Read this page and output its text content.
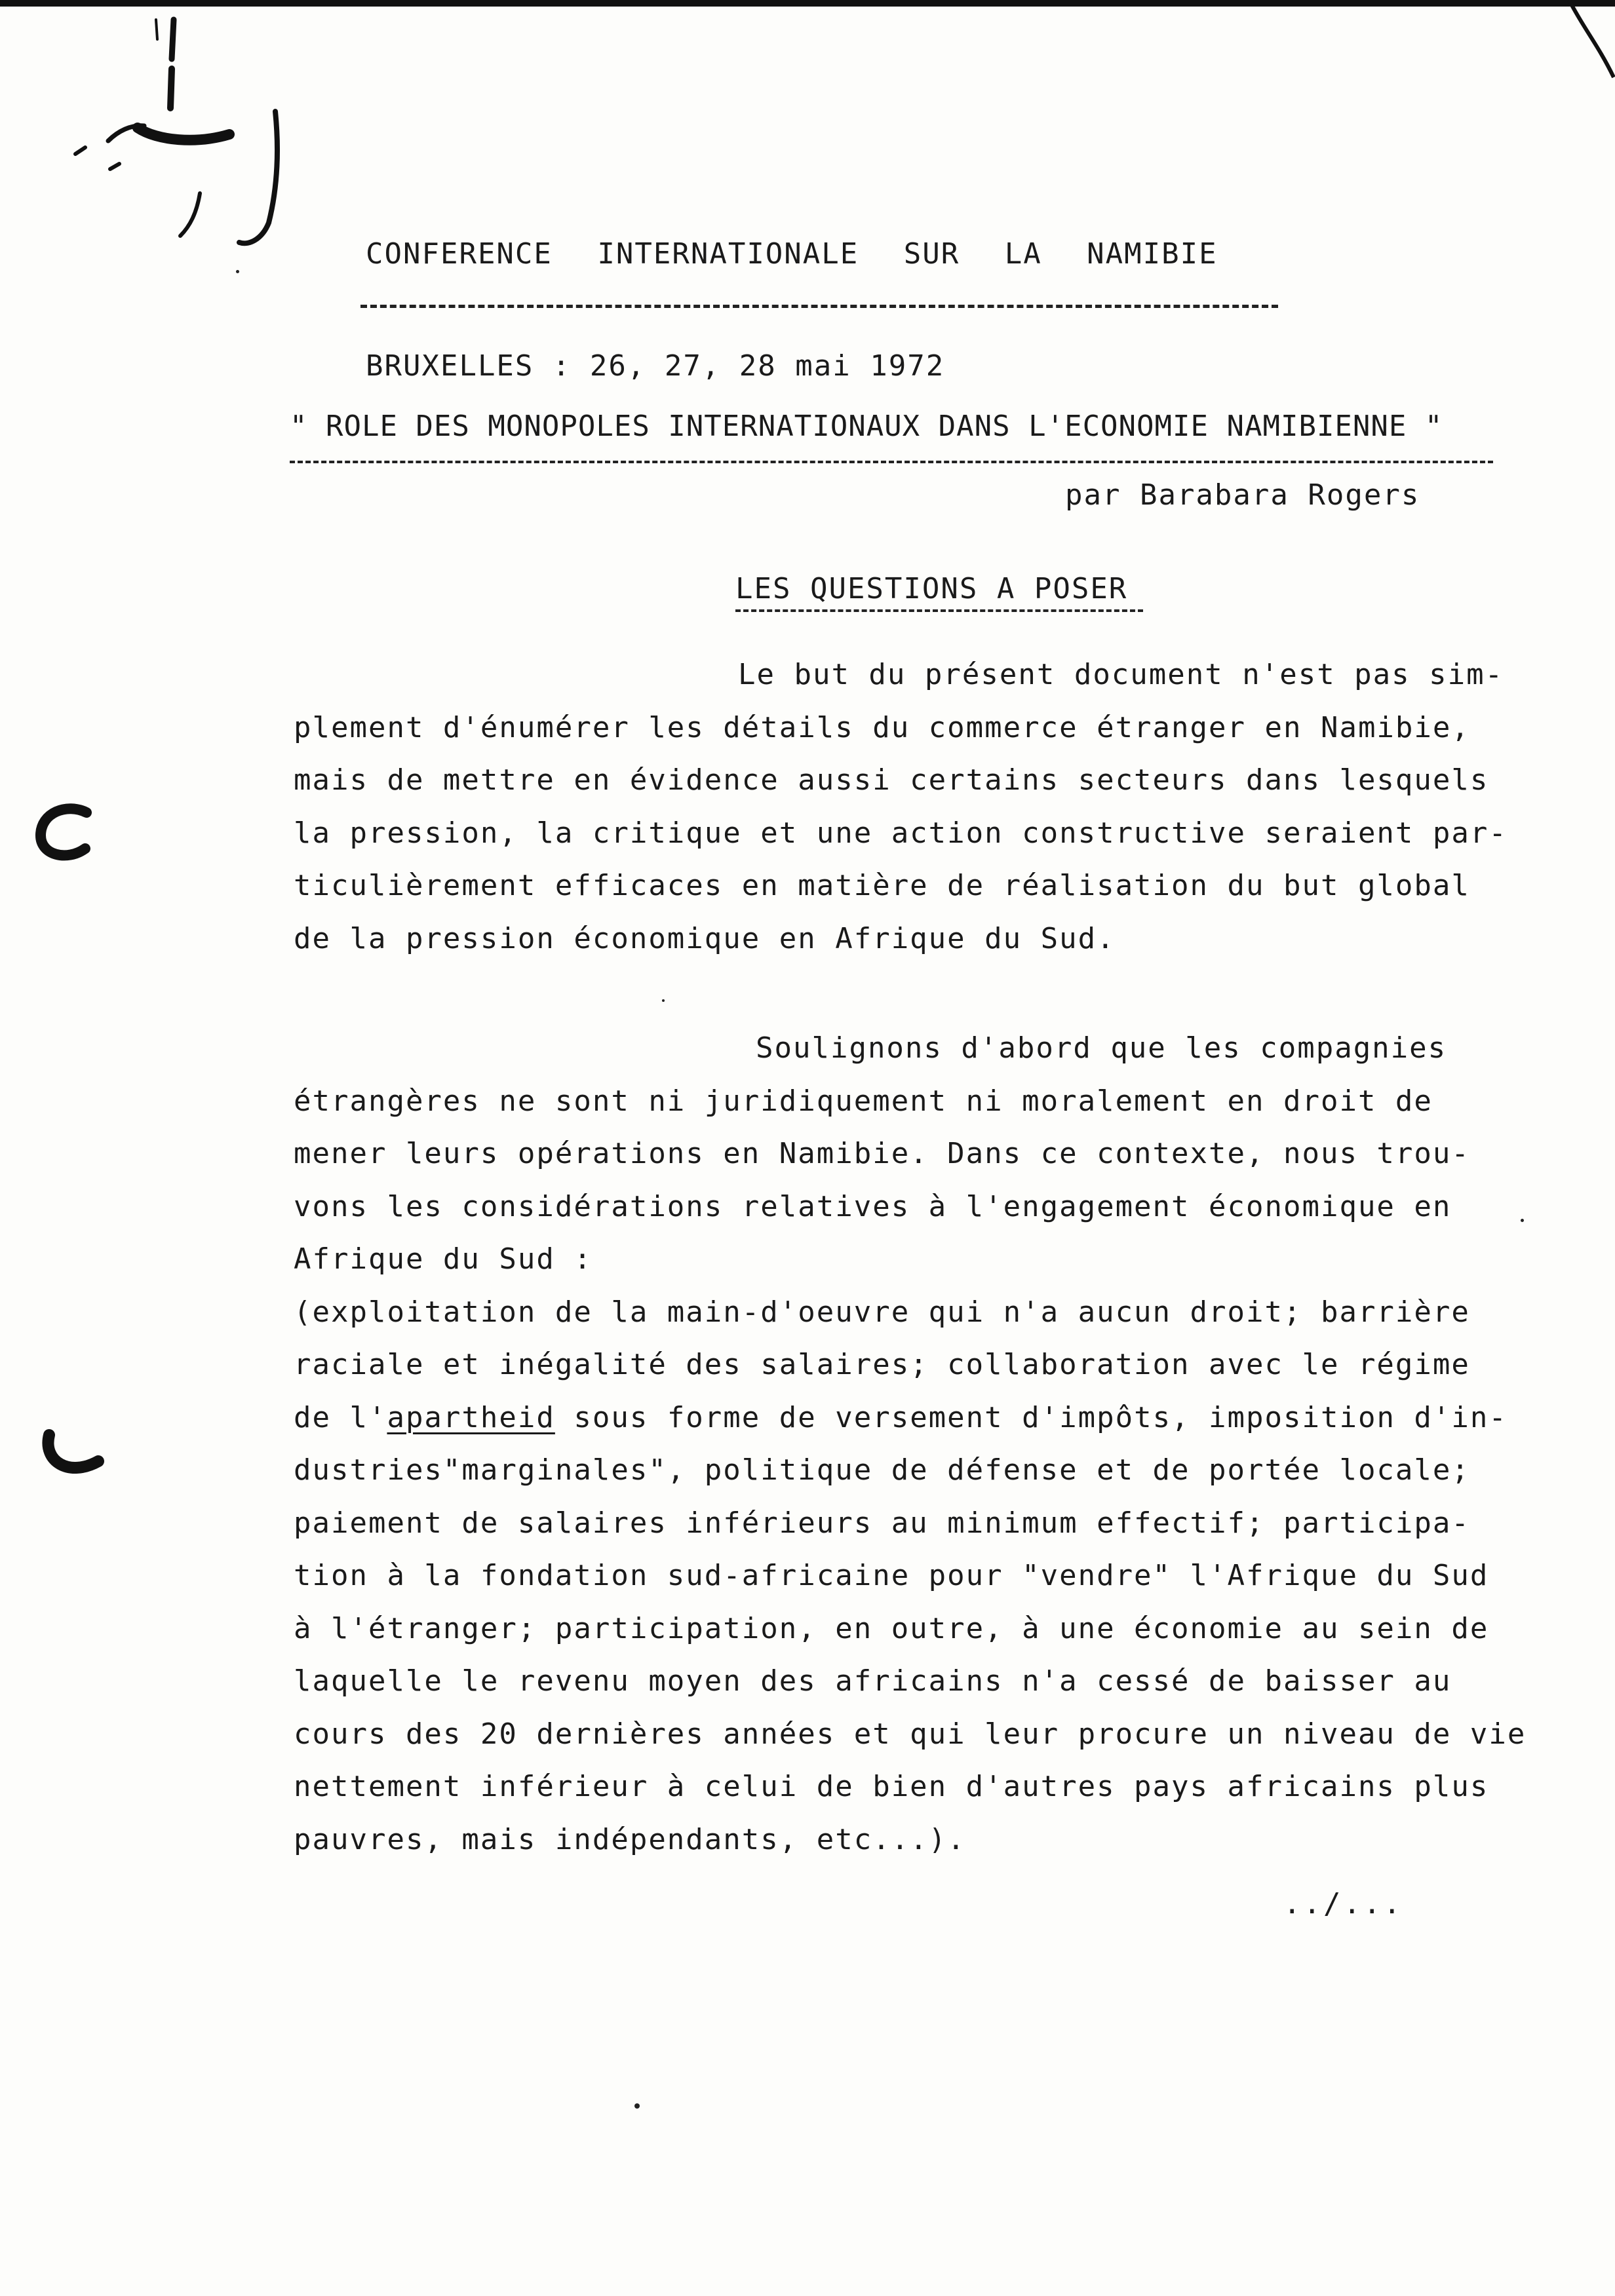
CONFERENCE INTERNATIONALE SUR LA NAMIBIE
BRUXELLES : 26, 27, 28 mai 1972
" ROLE DES MONOPOLES INTERNATIONAUX DANS L'ECONOMIE NAMIBIENNE "
par Barabara Rogers
LES QUESTIONS A POSER
Le but du présent document n'est pas sim-
plement d'énumérer les détails du commerce étranger en Namibie,
mais de mettre en évidence aussi certains secteurs dans lesquels
la pression, la critique et une action constructive seraient par-
ticulièrement efficaces en matière de réalisation du but global
de la pression économique en Afrique du Sud.
Soulignons d'abord que les compagnies
étrangères ne sont ni juridiquement ni moralement en droit de
mener leurs opérations en Namibie. Dans ce contexte, nous trou-
vons les considérations relatives à l'engagement économique en
Afrique du Sud :
(exploitation de la main-d'oeuvre qui n'a aucun droit; barrière
raciale et inégalité des salaires; collaboration avec le régime
de l'apartheid sous forme de versement d'impôts, imposition d'in-
dustries"marginales", politique de défense et de portée locale;
paiement de salaires inférieurs au minimum effectif; participa-
tion à la fondation sud-africaine pour "vendre" l'Afrique du Sud
à l'étranger; participation, en outre, à une économie au sein de
laquelle le revenu moyen des africains n'a cessé de baisser au
cours des 20 dernières années et qui leur procure un niveau de vie
nettement inférieur à celui de bien d'autres pays africains plus
pauvres, mais indépendants, etc...).
../...
